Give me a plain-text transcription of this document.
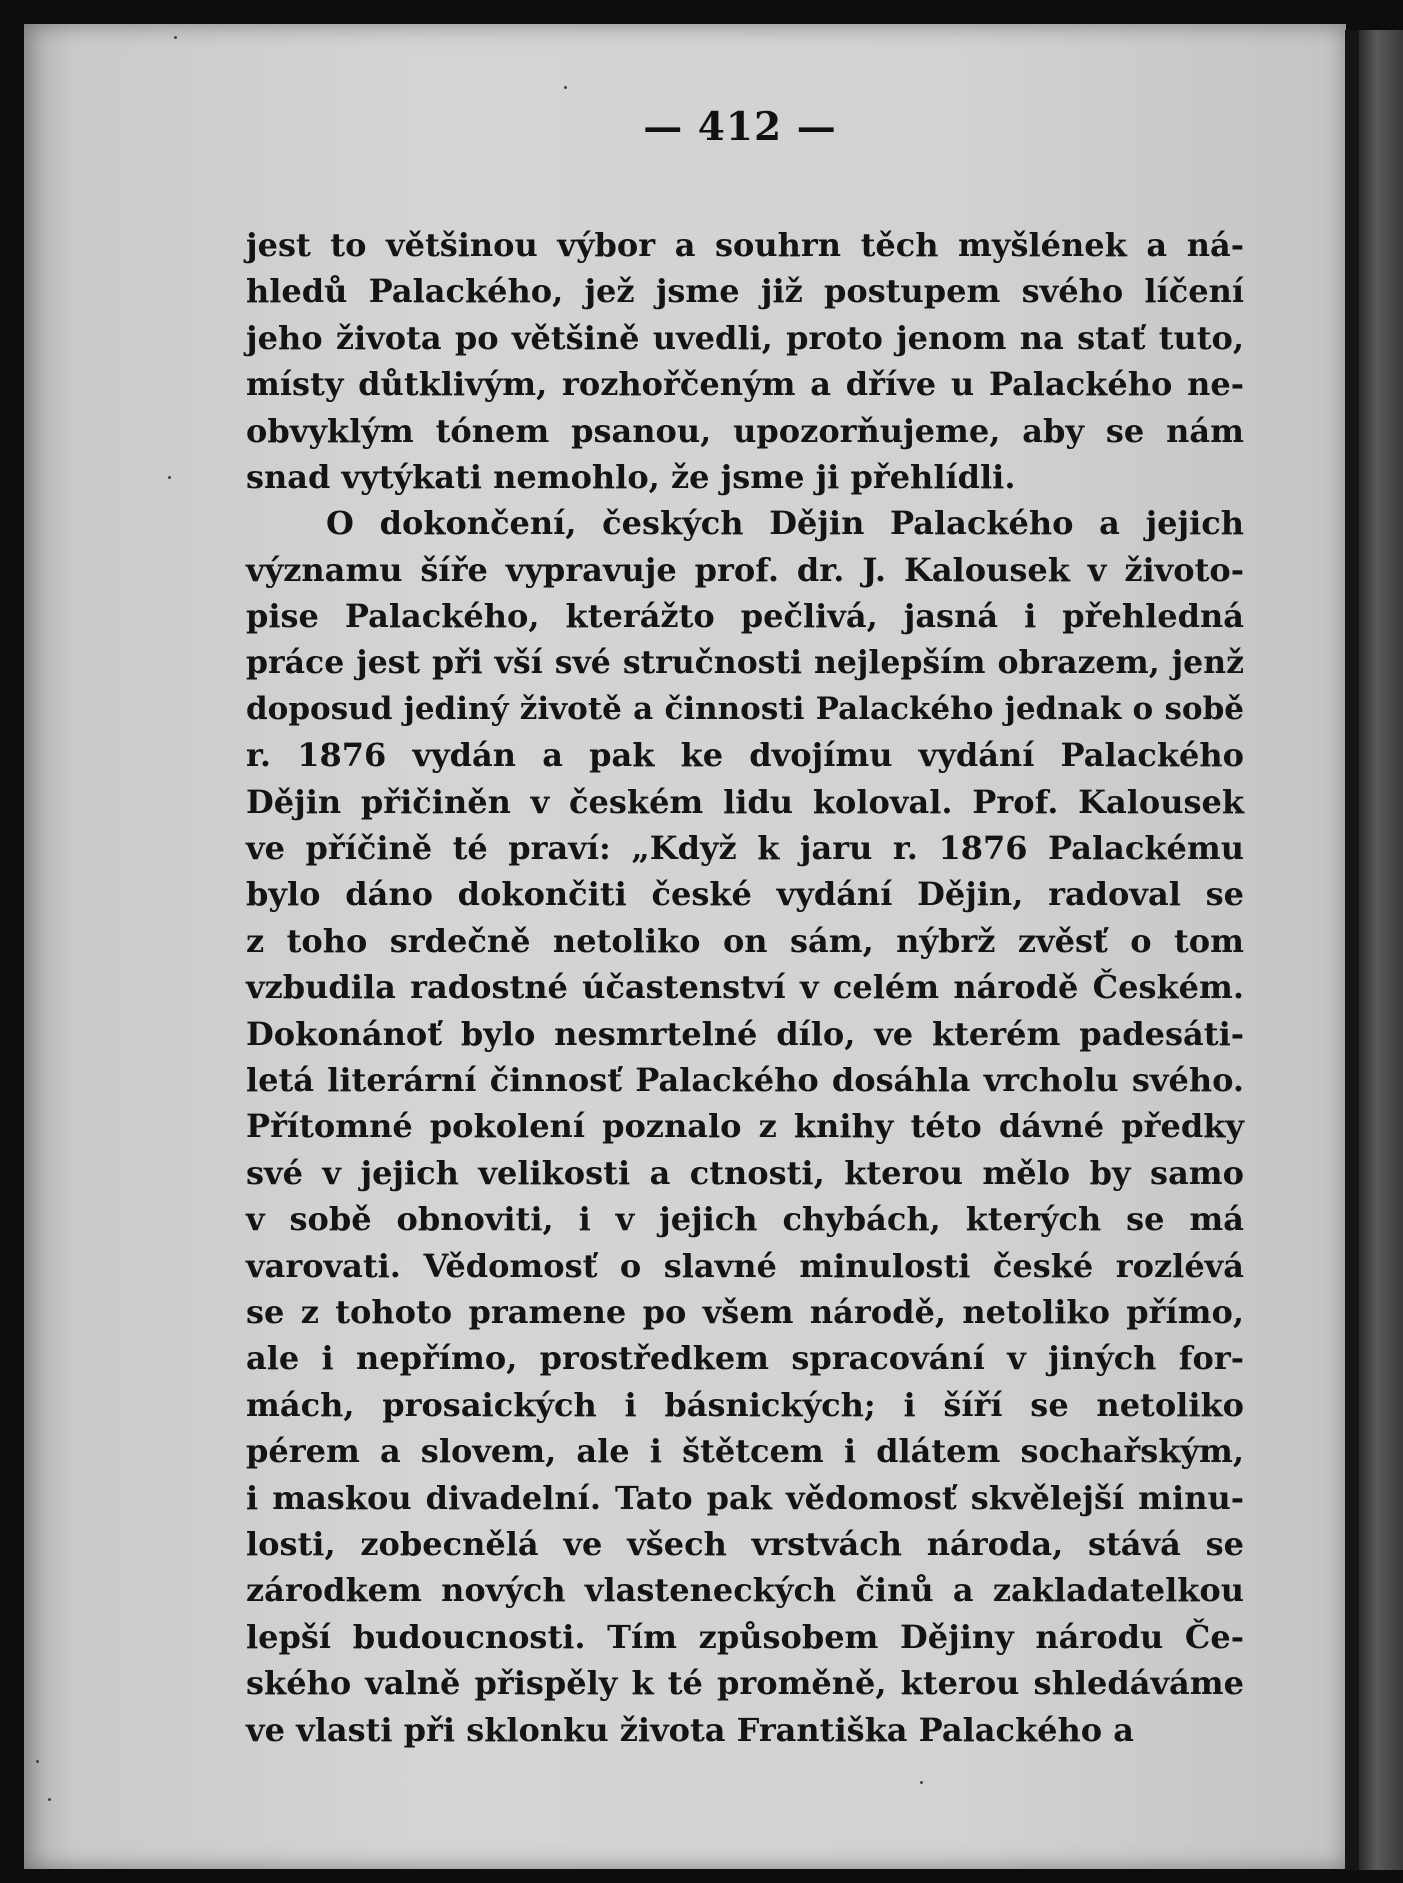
— 412 —
jest to většinou výbor a souhrn těch myšlének a ná-
hledů Palackého, jež jsme již postupem svého líčení
jeho života po většině uvedli, proto jenom na stať tuto,
místy důtklivým, rozhořčeným a dříve u Palackého ne-
obvyklým tónem psanou, upozorňujeme, aby se nám
snad vytýkati nemohlo, že jsme ji přehlídli.
O dokončení, českých Dějin Palackého a jejich
významu šíře vypravuje prof. dr. J. Kalousek v životo-
pise Palackého, kterážto pečlivá, jasná i přehledná
práce jest při vší své stručnosti nejlepším obrazem, jenž
doposud jediný životě a činnosti Palackého jednak o sobě
r. 1876 vydán a pak ke dvojímu vydání Palackého
Dějin přičiněn v českém lidu koloval. Prof. Kalousek
ve příčině té praví: „Když k jaru r. 1876 Palackému
bylo dáno dokončiti české vydání Dějin, radoval se
z toho srdečně netoliko on sám, nýbrž zvěsť o tom
vzbudila radostné účastenství v celém národě Českém.
Dokonánoť bylo nesmrtelné dílo, ve kterém padesáti-
letá literární činnosť Palackého dosáhla vrcholu svého.
Přítomné pokolení poznalo z knihy této dávné předky
své v jejich velikosti a ctnosti, kterou mělo by samo
v sobě obnoviti, i v jejich chybách, kterých se má
varovati. Vědomosť o slavné minulosti české rozlévá
se z tohoto pramene po všem národě, netoliko přímo,
ale i nepřímo, prostředkem spracování v jiných for-
mách, prosaických i básnických; i šíří se netoliko
pérem a slovem, ale i štětcem i dlátem sochařským,
i maskou divadelní. Tato pak vědomosť skvělejší minu-
losti, zobecnělá ve všech vrstvách národa, stává se
zárodkem nových vlasteneckých činů a zakladatelkou
lepší budoucnosti. Tím způsobem Dějiny národu Če-
ského valně přispěly k té proměně, kterou shledáváme
ve vlasti při sklonku života Františka Palackého a
